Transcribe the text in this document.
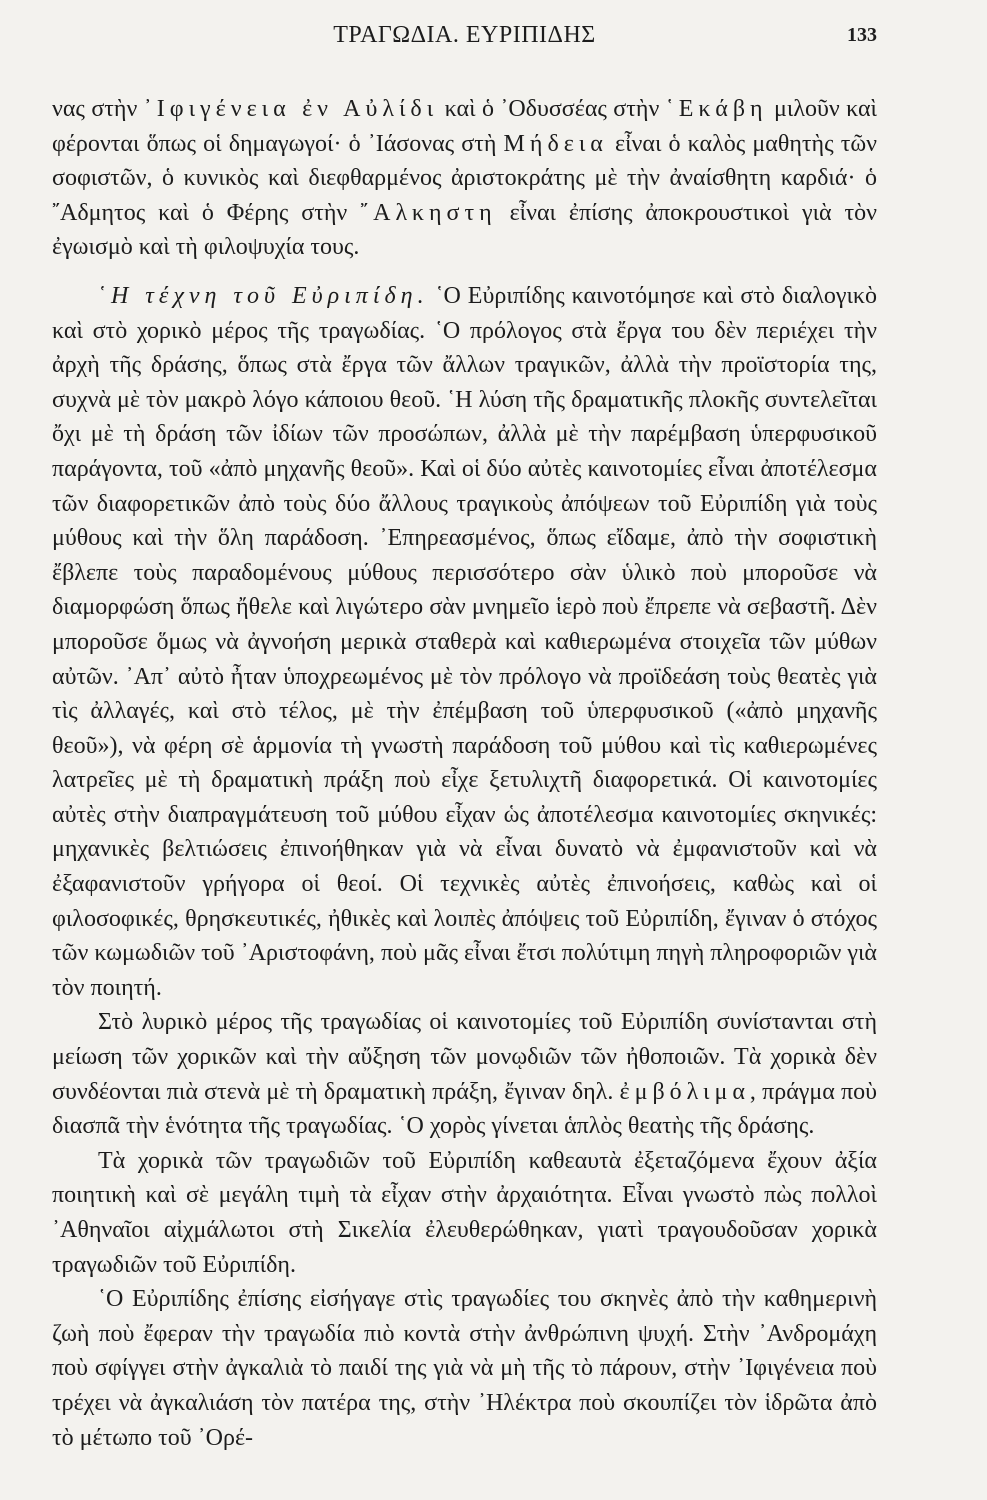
ΤΡΑΓΩΔΙΑ. ΕΥΡΙΠΙΔΗΣ	133

νας στὴν ᾿Ιφιγένεια ἐν Αὐλίδι καὶ ὁ ᾿Οδυσσέας στὴν ῾Εκάβη μιλοῦν καὶ φέρονται ὅπως οἱ δημαγωγοί· ὁ ᾿Ιάσονας στὴ Μήδεια εἶναι ὁ καλὸς μαθητὴς τῶν σοφιστῶν, ὁ κυνικὸς καὶ διεφθαρμένος ἀριστοκράτης μὲ τὴν ἀναίσθητη καρδιά· ὁ ῎Αδμητος καὶ ὁ Φέρης στὴν ῎Αλκηστη εἶναι ἐπίσης ἀποκρουστικοὶ γιὰ τὸν ἐγωισμὸ καὶ τὴ φιλοψυχία τους.

῾Η τέχνη τοῦ Εὐριπίδη. ῾Ο Εὐριπίδης καινοτόμησε καὶ στὸ διαλογικὸ καὶ στὸ χορικὸ μέρος τῆς τραγωδίας. ῾Ο πρόλογος στὰ ἔργα του δὲν περιέχει τὴν ἀρχὴ τῆς δράσης, ὅπως στὰ ἔργα τῶν ἄλλων τραγικῶν, ἀλλὰ τὴν προϊστορία της, συχνὰ μὲ τὸν μακρὸ λόγο κάποιου θεοῦ. ῾Η λύση τῆς δραματικῆς πλοκῆς συντελεῖται ὄχι μὲ τὴ δράση τῶν ἰδίων τῶν προσώπων, ἀλλὰ μὲ τὴν παρέμβαση ὑπερφυσικοῦ παράγοντα, τοῦ «ἀπὸ μηχανῆς θεοῦ». Καὶ οἱ δύο αὐτὲς καινοτομίες εἶναι ἀποτέλεσμα τῶν διαφορετικῶν ἀπὸ τοὺς δύο ἄλλους τραγικοὺς ἀπόψεων τοῦ Εὐριπίδη γιὰ τοὺς μύθους καὶ τὴν ὅλη παράδοση. ᾿Επηρεασμένος, ὅπως εἴδαμε, ἀπὸ τὴν σοφιστικὴ ἔβλεπε τοὺς παραδομένους μύθους περισσότερο σὰν ὑλικὸ ποὺ μποροῦσε νὰ διαμορφώση ὅπως ἤθελε καὶ λιγώτερο σὰν μνημεῖο ἱερὸ ποὺ ἔπρεπε νὰ σεβαστῆ. Δὲν μποροῦσε ὅμως νὰ ἀγνοήση μερικὰ σταθερὰ καὶ καθιερωμένα στοιχεῖα τῶν μύθων αὐτῶν. ᾿Απ᾿ αὐτὸ ἦταν ὑποχρεωμένος μὲ τὸν πρόλογο νὰ προϊδεάση τοὺς θεατὲς γιὰ τὶς ἀλλαγές, καὶ στὸ τέλος, μὲ τὴν ἐπέμβαση τοῦ ὑπερφυσικοῦ («ἀπὸ μηχανῆς θεοῦ»), νὰ φέρη σὲ ἁρμονία τὴ γνωστὴ παράδοση τοῦ μύθου καὶ τὶς καθιερωμένες λατρεῖες μὲ τὴ δραματικὴ πράξη ποὺ εἶχε ξετυλιχτῆ διαφορετικά. Οἱ καινοτομίες αὐτὲς στὴν διαπραγμάτευση τοῦ μύθου εἶχαν ὡς ἀποτέλεσμα καινοτομίες σκηνικές: μηχανικὲς βελτιώσεις ἐπινοήθηκαν γιὰ νὰ εἶναι δυνατὸ νὰ ἐμφανιστοῦν καὶ νὰ ἐξαφανιστοῦν γρήγορα οἱ θεοί. Οἱ τεχνικὲς αὐτὲς ἐπινοήσεις, καθὼς καὶ οἱ φιλοσοφικές, θρησκευτικές, ἠθικὲς καὶ λοιπὲς ἀπόψεις τοῦ Εὐριπίδη, ἔγιναν ὁ στόχος τῶν κωμωδιῶν τοῦ ᾿Αριστοφάνη, ποὺ μᾶς εἶναι ἔτσι πολύτιμη πηγὴ πληροφοριῶν γιὰ τὸν ποιητή.

Στὸ λυρικὸ μέρος τῆς τραγωδίας οἱ καινοτομίες τοῦ Εὐριπίδη συνίστανται στὴ μείωση τῶν χορικῶν καὶ τὴν αὔξηση τῶν μονῳδιῶν τῶν ἠθοποιῶν. Τὰ χορικὰ δὲν συνδέονται πιὰ στενὰ μὲ τὴ δραματικὴ πράξη, ἔγιναν δηλ. ἐμβόλιμα, πράγμα ποὺ διασπᾶ τὴν ἑνότητα τῆς τραγωδίας. ῾Ο χορὸς γίνεται ἁπλὸς θεατὴς τῆς δράσης.

Τὰ χορικὰ τῶν τραγωδιῶν τοῦ Εὐριπίδη καθεαυτὰ ἐξεταζόμενα ἔχουν ἀξία ποιητικὴ καὶ σὲ μεγάλη τιμὴ τὰ εἶχαν στὴν ἀρχαιότητα. Εἶναι γνωστὸ πὼς πολλοὶ ᾿Αθηναῖοι αἰχμάλωτοι στὴ Σικελία ἐλευθερώθηκαν, γιατὶ τραγουδοῦσαν χορικὰ τραγωδιῶν τοῦ Εὐριπίδη.

῾Ο Εὐριπίδης ἐπίσης εἰσήγαγε στὶς τραγωδίες του σκηνὲς ἀπὸ τὴν καθημερινὴ ζωὴ ποὺ ἔφεραν τὴν τραγωδία πιὸ κοντὰ στὴν ἀνθρώπινη ψυχή. Στὴν ᾿Ανδρομάχη ποὺ σφίγγει στὴν ἀγκαλιὰ τὸ παιδί της γιὰ νὰ μὴ τῆς τὸ πάρουν, στὴν ᾿Ιφιγένεια ποὺ τρέχει νὰ ἀγκαλιάση τὸν πατέρα της, στὴν ᾿Ηλέκτρα ποὺ σκουπίζει τὸν ἱδρῶτα ἀπὸ τὸ μέτωπο τοῦ ᾿Ορέ-
